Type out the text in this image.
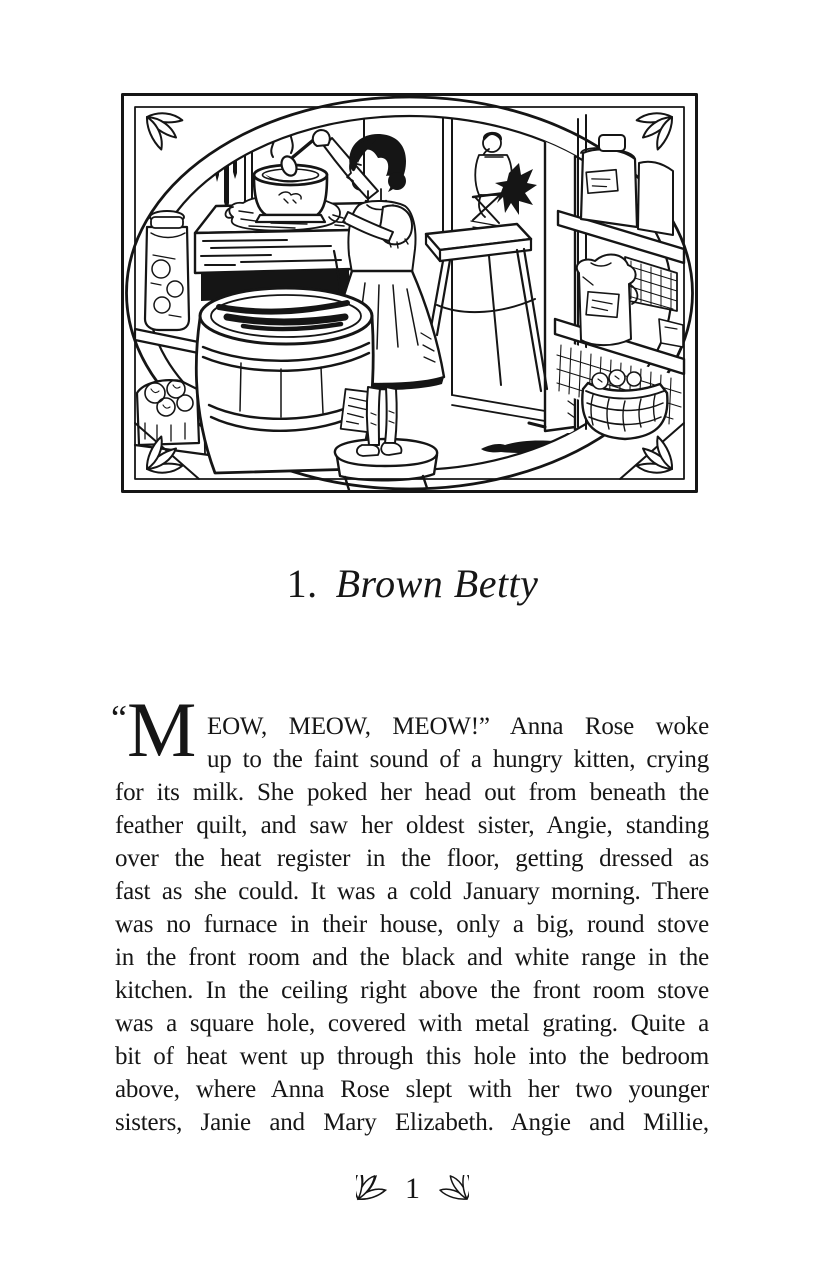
1. Brown Betty
“ M EOW, MEOW, MEOW!” Anna Rose woke
up to the faint sound of a hungry kitten, crying
for its milk. She poked her head out from beneath the
feather quilt, and saw her oldest sister, Angie, standing
over the heat register in the floor, getting dressed as
fast as she could. It was a cold January morning. There
was no furnace in their house, only a big, round stove
in the front room and the black and white range in the
kitchen. In the ceiling right above the front room stove
was a square hole, covered with metal grating. Quite a
bit of heat went up through this hole into the bedroom
above, where Anna Rose slept with her two younger
sisters, Janie and Mary Elizabeth. Angie and Millie,
1
